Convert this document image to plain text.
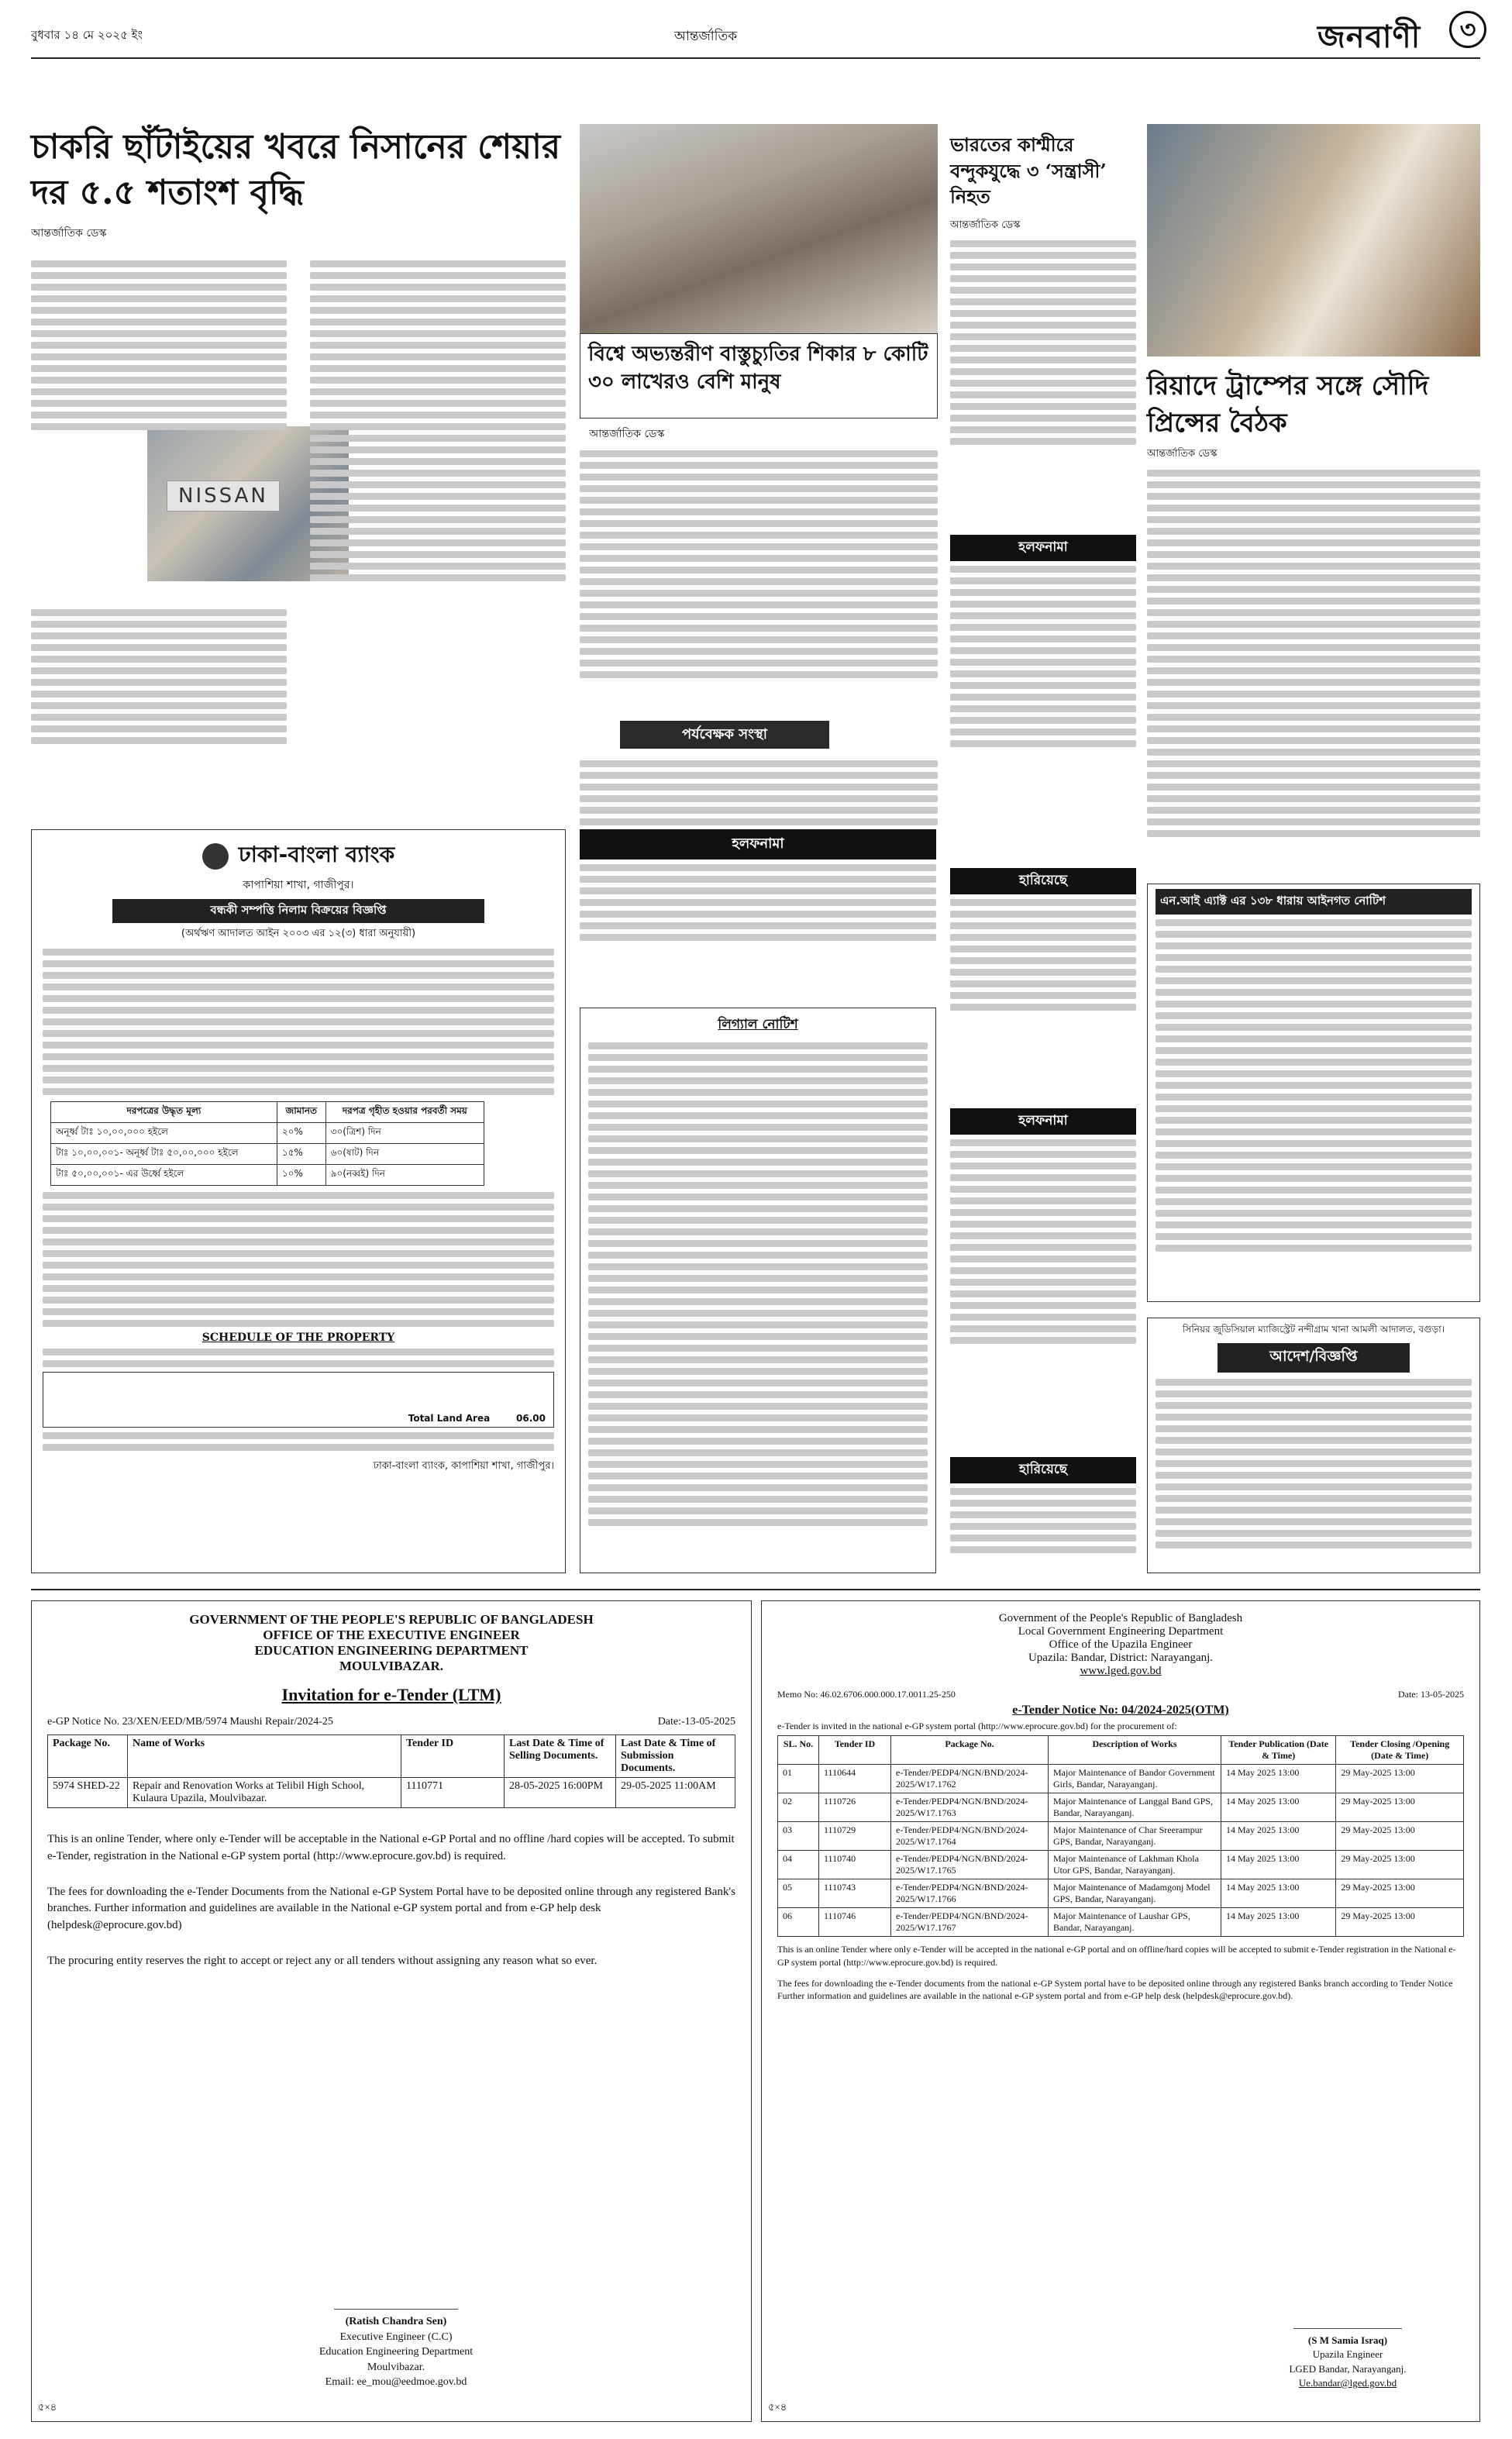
বুধবার ১৪ মে ২০২৫ ইং	আন্তর্জাতিক	জনবাণী	৩
চাকরি ছাঁটাইয়ের খবরে নিসানের শেয়ার দর ৫.৫ শতাংশ বৃদ্ধি
আন্তর্জাতিক ডেস্ক
NISSAN
বিশ্বে অভ্যন্তরীণ বাস্তুচ্যুতির শিকার ৮ কোটি ৩০ লাখেরও বেশি মানুষ
আন্তর্জাতিক ডেস্ক
পর্যবেক্ষক সংস্থা
ভারতের কাশ্মীরে বন্দুকযুদ্ধে ৩ ‘সন্ত্রাসী’ নিহত
আন্তর্জাতিক ডেস্ক
রিয়াদে ট্রাম্পের সঙ্গে সৌদি প্রিন্সের বৈঠক
আন্তর্জাতিক ডেস্ক
ঢাকা-বাংলা ব্যাংক
কাপাশিয়া শাখা, গাজীপুর।
বন্ধকী সম্পত্তি নিলাম বিক্রয়ের বিজ্ঞপ্তি
(অর্থঋণ আদালত আইন ২০০৩ এর ১২(৩) ধারা অনুযায়ী)
দরপত্রের উদ্ধৃত মূল্য	জামানত	দরপত্র গৃহীত হওয়ার পরবর্তী সময়
অনূর্ধ্ব টাঃ ১০,০০,০০০ হইলে	২০%	৩০(ত্রিশ) দিন
টাঃ ১০,০০,০০১- অনূর্ধ্ব টাঃ ৫০,০০,০০০ হইলে	১৫%	৬০(ষাট) দিন
টাঃ ৫০,০০,০০১- এর উর্ধ্বে হইলে	১০%	৯০(নব্বই) দিন
SCHEDULE OF THE PROPERTY
Total Land Area	06.00
ঢাকা-বাংলা ব্যাংক, কাপাশিয়া শাখা, গাজীপুর।
হলফনামা
লিগ্যাল নোটিশ
হলফনামা
হারিয়েছে
হলফনামা
হারিয়েছে
এন.আই এ্যাক্ট এর ১৩৮ ধারায় আইনগত নোটিশ
সিনিয়র জুডিসিয়াল ম্যাজিস্ট্রেট নন্দীগ্রাম খানা আমলী আদালত, বগুড়া।
আদেশ/বিজ্ঞপ্তি
GOVERNMENT OF THE PEOPLE'S REPUBLIC OF BANGLADESH
OFFICE OF THE EXECUTIVE ENGINEER
EDUCATION ENGINEERING DEPARTMENT
MOULVIBAZAR.
Invitation for e-Tender (LTM)
e-GP Notice No. 23/XEN/EED/MB/5974 Maushi Repair/2024-25	Date:-13-05-2025
Package No.	Name of Works	Tender ID	Last Date & Time of Selling Documents.	Last Date & Time of Submission Documents.
5974 SHED-22	Repair and Renovation Works at Telibil High School, Kulaura Upazila, Moulvibazar.	1110771	28-05-2025 16:00PM	29-05-2025 11:00AM

This is an online Tender, where only e-Tender will be acceptable in the National e-GP Portal and no offline /hard copies will be accepted. To submit e-Tender, registration in the National e-GP system portal (http://www.eprocure.gov.bd) is required.

The fees for downloading the e-Tender Documents from the National e-GP System Portal have to be deposited online through any registered Bank's branches. Further information and guidelines are available in the National e-GP system portal and from e-GP help desk (helpdesk@eprocure.gov.bd)

The procuring entity reserves the right to accept or reject any or all tenders without assigning any reason what so ever.

(Ratish Chandra Sen)
Executive Engineer (C.C)
Education Engineering Department
Moulvibazar.
Email: ee_mou@eedmoe.gov.bd
৫×৪
Government of the People's Republic of Bangladesh
Local Government Engineering Department
Office of the Upazila Engineer
Upazila: Bandar, District: Narayanganj.
www.lged.gov.bd
Memo No: 46.02.6706.000.000.17.0011.25-250	Date: 13-05-2025
e-Tender Notice No: 04/2024-2025(OTM)
e-Tender is invited in the national e-GP system portal (http://www.eprocure.gov.bd) for the procurement of:
SL. No.	Tender ID	Package No.	Description of Works	Tender Publication (Date & Time)	Tender Closing /Opening (Date & Time)
01	1110644	e-Tender/PEDP4/NGN/BND/2024-2025/W17.1762	Major Maintenance of Bandor Government Girls, Bandar, Narayanganj.	14 May 2025 13:00	29 May-2025 13:00
02	1110726	e-Tender/PEDP4/NGN/BND/2024-2025/W17.1763	Major Maintenance of Langgal Band GPS, Bandar, Narayanganj.	14 May 2025 13:00	29 May-2025 13:00
03	1110729	e-Tender/PEDP4/NGN/BND/2024-2025/W17.1764	Major Maintenance of Char Sreerampur GPS, Bandar, Narayanganj.	14 May 2025 13:00	29 May-2025 13:00
04	1110740	e-Tender/PEDP4/NGN/BND/2024-2025/W17.1765	Major Maintenance of Lakhman Khola Utor GPS, Bandar, Narayanganj.	14 May 2025 13:00	29 May-2025 13:00
05	1110743	e-Tender/PEDP4/NGN/BND/2024-2025/W17.1766	Major Maintenance of Madamgonj Model GPS, Bandar, Narayanganj.	14 May 2025 13:00	29 May-2025 13:00
06	1110746	e-Tender/PEDP4/NGN/BND/2024-2025/W17.1767	Major Maintenance of Laushar GPS, Bandar, Narayanganj.	14 May 2025 13:00	29 May-2025 13:00

This is an online Tender where only e-Tender will be accepted in the national e-GP portal and on offline/hard copies will be accepted to submit e-Tender registration in the National e-GP system portal (http://www.eprocure.gov.bd) is required.

The fees for downloading the e-Tender documents from the national e-GP System portal have to be deposited online through any registered Banks branch according to Tender Notice Further information and guidelines are available in the national e-GP system portal and from e-GP help desk (helpdesk@eprocure.gov.bd).

(S M Samia Israq)
Upazila Engineer
LGED Bandar, Narayanganj.
Ue.bandar@lged.gov.bd
৫×৪
